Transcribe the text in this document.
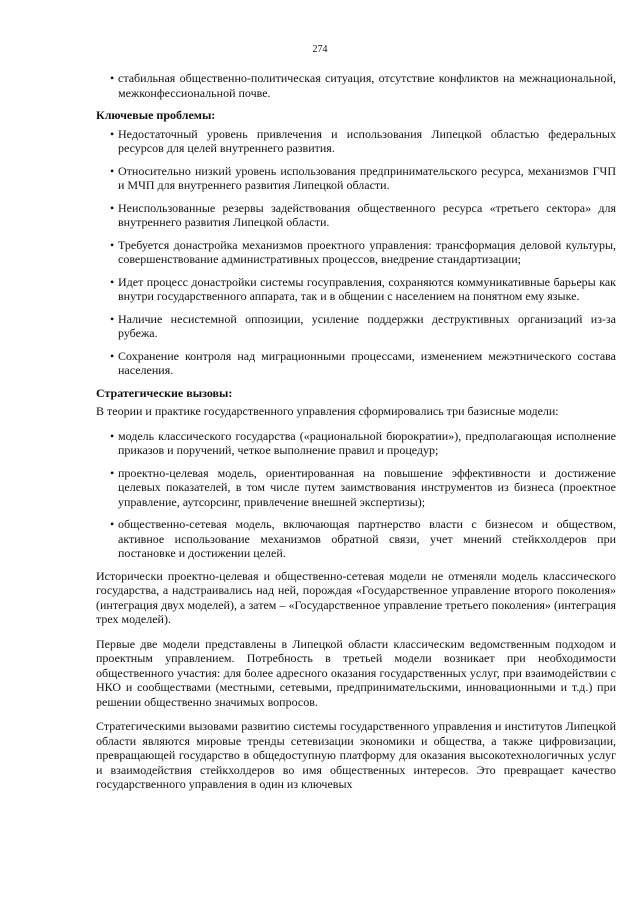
274
• стабильная общественно-политическая ситуация, отсутствие конфликтов на межнациональной, межконфессиональной почве.
Ключевые проблемы:
• Недостаточный уровень привлечения и использования Липецкой областью федеральных ресурсов для целей внутреннего развития.
• Относительно низкий уровень использования предпринимательского ресурса, механизмов ГЧП и МЧП для внутреннего развития Липецкой области.
• Неиспользованные резервы задействования общественного ресурса «третьего сектора» для внутреннего развития Липецкой области.
• Требуется донастройка механизмов проектного управления: трансформация деловой культуры, совершенствование административных процессов, внедрение стандартизации;
• Идет процесс донастройки системы госуправления, сохраняются коммуникативные барьеры как внутри государственного аппарата, так и в общении с населением на понятном ему языке.
• Наличие несистемной оппозиции, усиление поддержки деструктивных организаций из-за рубежа.
• Сохранение контроля над миграционными процессами, изменением межэтнического состава населения.
Стратегические вызовы:

В теории и практике государственного управления сформировались три базисные модели:

• модель классического государства («рациональной бюрократии»), предполагающая исполнение приказов и поручений, четкое выполнение правил и процедур;
• проектно-целевая модель, ориентированная на повышение эффективности и достижение целевых показателей, в том числе путем заимствования инструментов из бизнеса (проектное управление, аутсорсинг, привлечение внешней экспертизы);
• общественно-сетевая модель, включающая партнерство власти с бизнесом и обществом, активное использование механизмов обратной связи, учет мнений стейкхолдеров при постановке и достижении целей.

Исторически проектно-целевая и общественно-сетевая модели не отменяли модель классического государства, а надстраивались над ней, порождая «Государственное управление второго поколения» (интеграция двух моделей), а затем – «Государственное управление третьего поколения» (интеграция трех моделей).

Первые две модели представлены в Липецкой области классическим ведомственным подходом и проектным управлением. Потребность в третьей модели возникает при необходимости общественного участия: для более адресного оказания государственных услуг, при взаимодействии с НКО и сообществами (местными, сетевыми, предпринимательскими, инновационными и т.д.) при решении общественно значимых вопросов.

Стратегическими вызовами развитию системы государственного управления и институтов Липецкой области являются мировые тренды сетевизации экономики и общества, а также цифровизации, превращающей государство в общедоступную платформу для оказания высокотехнологичных услуг и взаимодействия стейкхолдеров во имя общественных интересов. Это превращает качество государственного управления в один из ключевых
